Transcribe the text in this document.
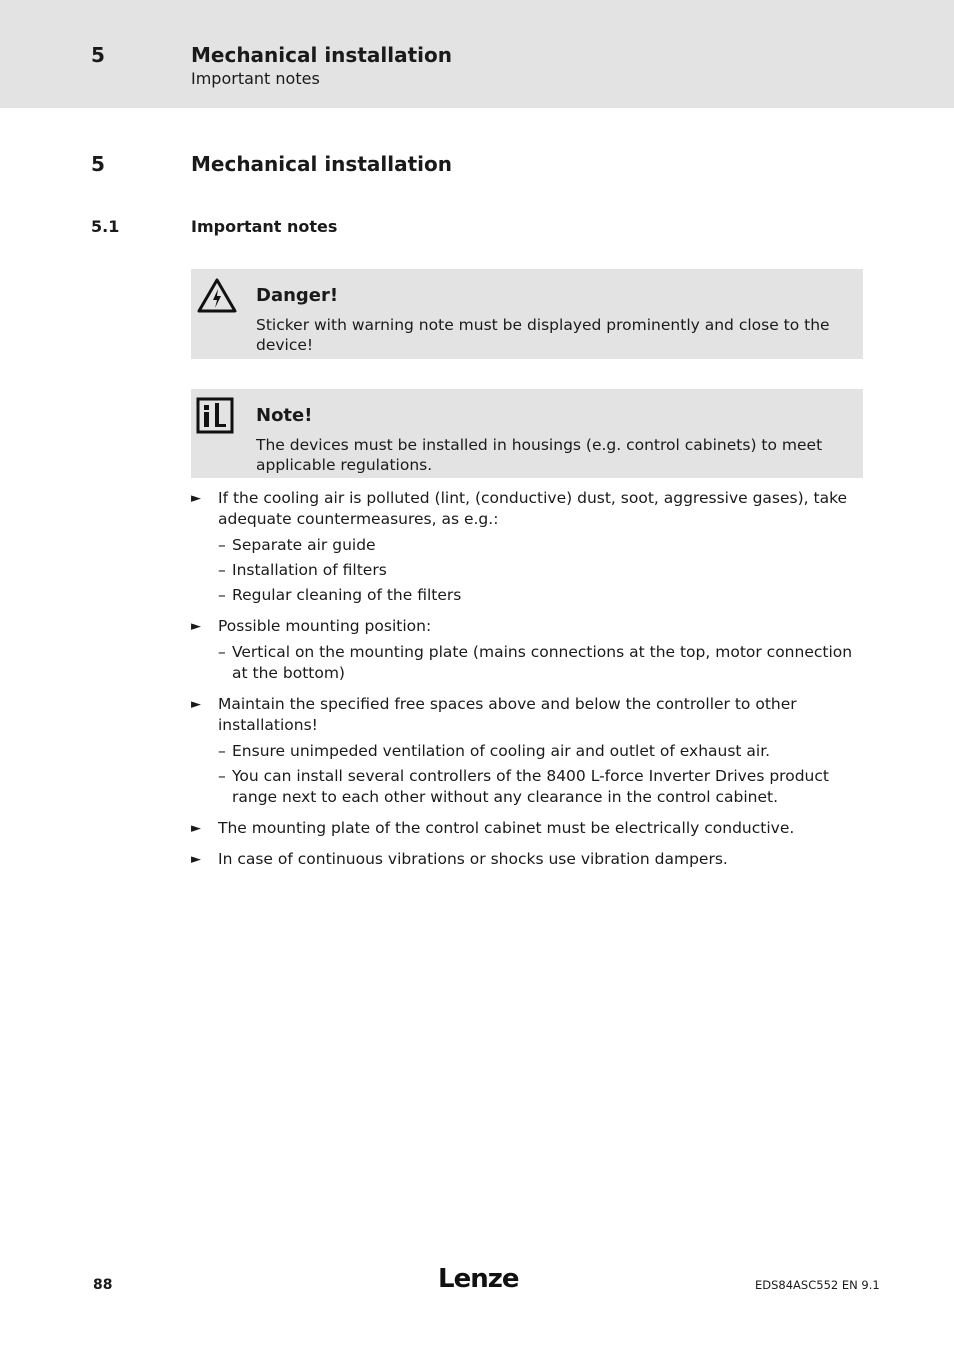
5	Mechanical installation
Important notes
5	Mechanical installation
5.1	Important notes
Danger!
Sticker with warning note must be displayed prominently and close to the device!
Note!
The devices must be installed in housings (e.g. control cabinets) to meet applicable regulations.
► If the cooling air is polluted (lint, (conductive) dust, soot, aggressive gases), take adequate countermeasures, as e.g.:
– Separate air guide
– Installation of filters
– Regular cleaning of the filters
► Possible mounting position:
– Vertical on the mounting plate (mains connections at the top, motor connection at the bottom)
► Maintain the specified free spaces above and below the controller to other installations!
– Ensure unimpeded ventilation of cooling air and outlet of exhaust air.
– You can install several controllers of the 8400 L-force Inverter Drives product range next to each other without any clearance in the control cabinet.
► The mounting plate of the control cabinet must be electrically conductive.
► In case of continuous vibrations or shocks use vibration dampers.
88	Lenze	EDS84ASC552 EN 9.1
